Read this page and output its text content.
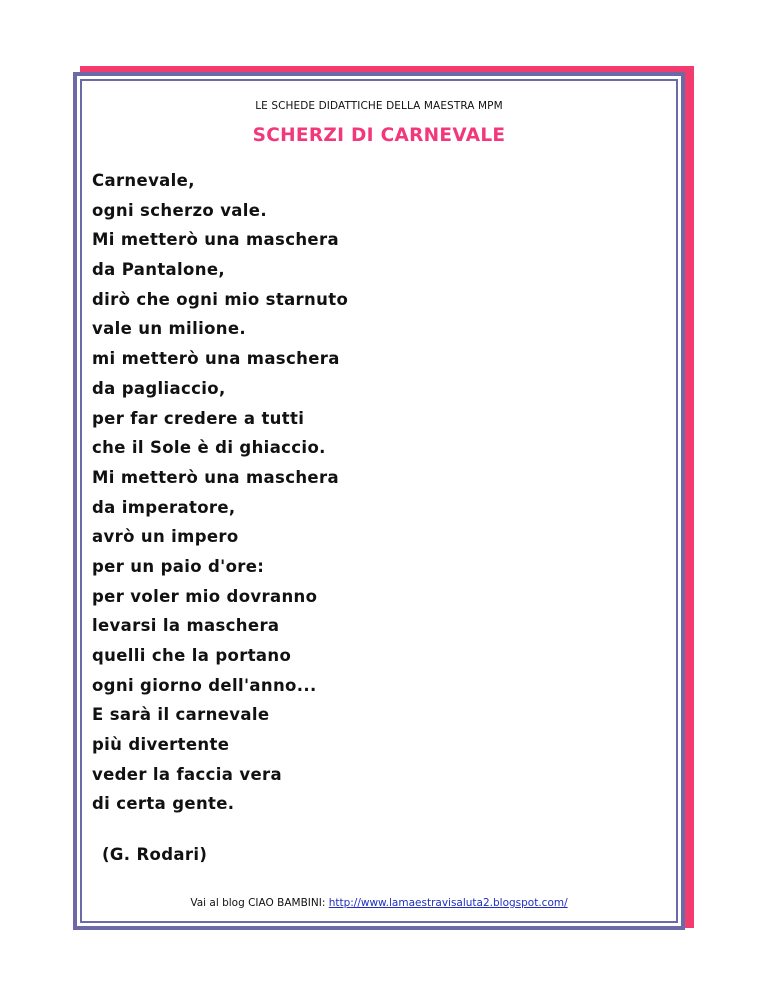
LE SCHEDE DIDATTICHE DELLA MAESTRA MPM
SCHERZI DI CARNEVALE
Carnevale,
ogni scherzo vale.
Mi metterò una maschera
da Pantalone,
dirò che ogni mio starnuto
vale un milione.
mi metterò una maschera
da pagliaccio,
per far credere a tutti
che il Sole è di ghiaccio.
Mi metterò una maschera
da imperatore,
avrò un impero
per un paio d'ore:
per voler mio dovranno
levarsi la maschera
quelli che la portano
ogni giorno dell'anno...
E sarà il carnevale
più divertente
veder la faccia vera
di certa gente.
(G. Rodari)
Vai al blog CIAO BAMBINI: http://www.lamaestravisaluta2.blogspot.com/
